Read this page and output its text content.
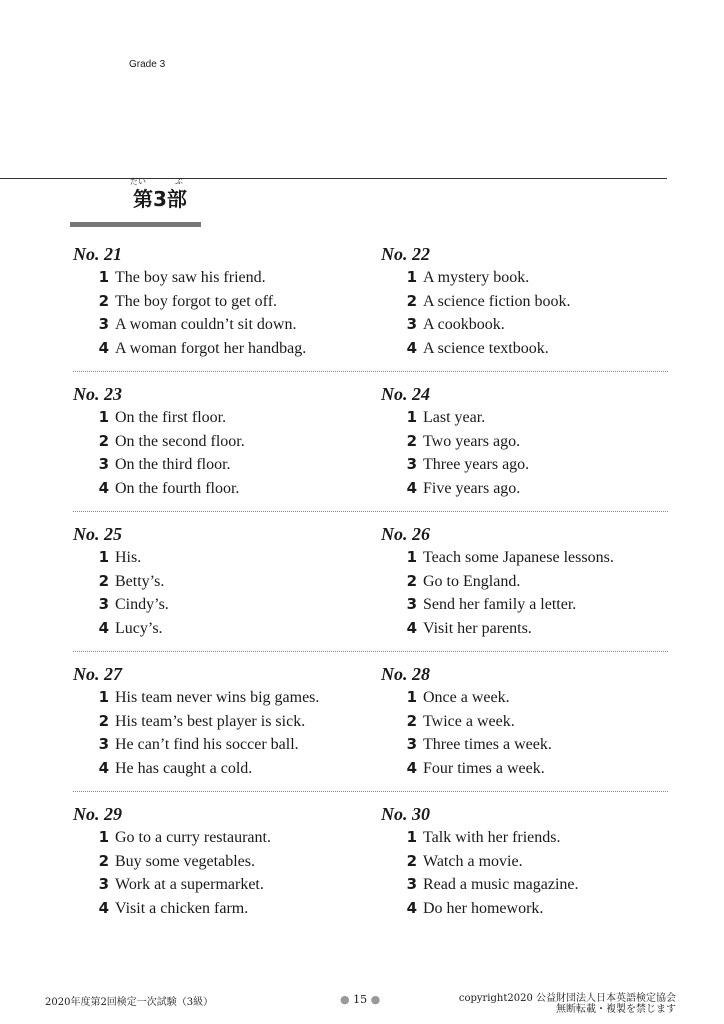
Grade 3
だい	ぶ
第3部
No. 21
1 The boy saw his friend.
2 The boy forgot to get off.
3 A woman couldn’t sit down.
4 A woman forgot her handbag.
No. 22
1 A mystery book.
2 A science fiction book.
3 A cookbook.
4 A science textbook.
No. 23
1 On the first floor.
2 On the second floor.
3 On the third floor.
4 On the fourth floor.
No. 24
1 Last year.
2 Two years ago.
3 Three years ago.
4 Five years ago.
No. 25
1 His.
2 Betty’s.
3 Cindy’s.
4 Lucy’s.
No. 26
1 Teach some Japanese lessons.
2 Go to England.
3 Send her family a letter.
4 Visit her parents.
No. 27
1 His team never wins big games.
2 His team’s best player is sick.
3 He can’t find his soccer ball.
4 He has caught a cold.
No. 28
1 Once a week.
2 Twice a week.
3 Three times a week.
4 Four times a week.
No. 29
1 Go to a curry restaurant.
2 Buy some vegetables.
3 Work at a supermarket.
4 Visit a chicken farm.
No. 30
1 Talk with her friends.
2 Watch a movie.
3 Read a music magazine.
4 Do her homework.
2020年度第2回検定一次試験（3級）	● 15 ●	copyright2020 公益財団法人日本英語検定協会
無断転載・複製を禁じます
